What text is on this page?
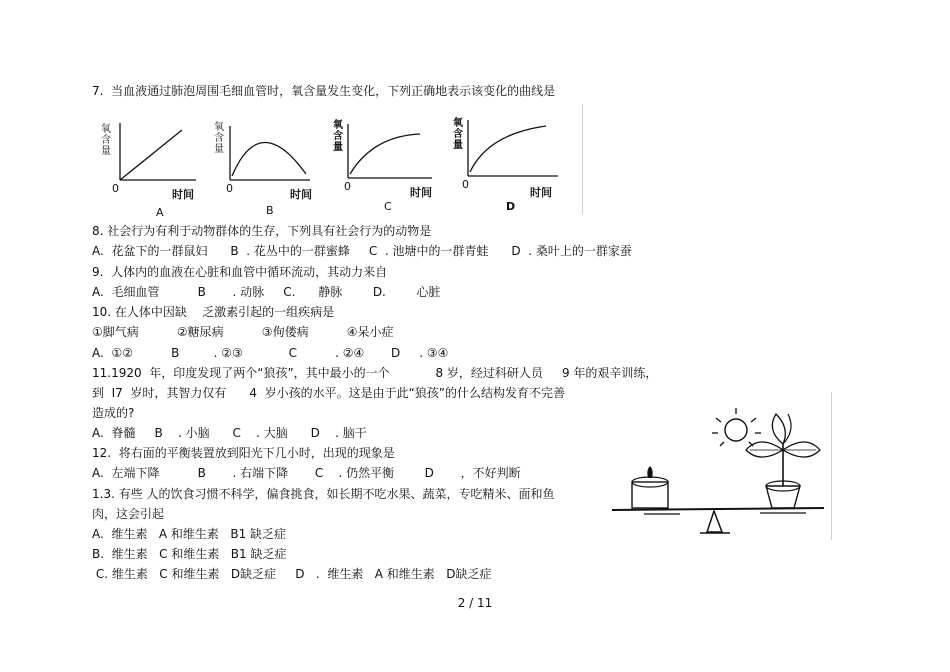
7.  当血液通过肺泡周围毛细血管时，氧含量发生变化，下列正确地表示该变化的曲线是
氧含量
0	时间
A
氧含量
0	时间
B
氧含量
0	时间
C
氧含量
0
时间
D
8. 社会行为有利于动物群体的生存，下列具有社会行为的动物是
A.  花盆下的一群鼠妇      B  . 花丛中的一群蜜蜂     C  . 池塘中的一群青蛙      D  . 桑叶上的一群家蚕
9.  人体内的血液在心脏和血管中循环流动，其动力来自
A.  毛细血管          B       . 动脉     C.      静脉        D.        心脏
10. 在人体中因缺    乏激素引起的一组疾病是
①脚气病          ②糖尿病          ③佝偻病          ④呆小症
A.  ①②          B         . ②③            C          . ②④       D     . ③④
11.1920  年，印度发现了两个“狼孩”，其中最小的一个            8 岁，经过科研人员     9 年的艰辛训练，
到  I7  岁时，其智力仅有      4  岁小孩的水平。这是由于此“狼孩”的什么结构发育不完善
造成的?
A.  脊髓     B    . 小脑      C    . 大脑      D    . 脑干
12.  将右面的平衡装置放到阳光下几小时，出现的现象是
A.  左端下降          B       . 右端下降       C    . 仍然平衡        D       ，不好判断
1.3. 有些 人的饮食习惯不科学，偏食挑食，如长期不吃水果、蔬菜，专吃精米、面和鱼
肉，这会引起
A.  维生素   A 和维生素   B1 缺乏症
B.  维生素   C 和维生素   B1 缺乏症
C. 维生素   C 和维生素   D缺乏症     D   .  维生素   A 和维生素   D缺乏症
2 / 11
